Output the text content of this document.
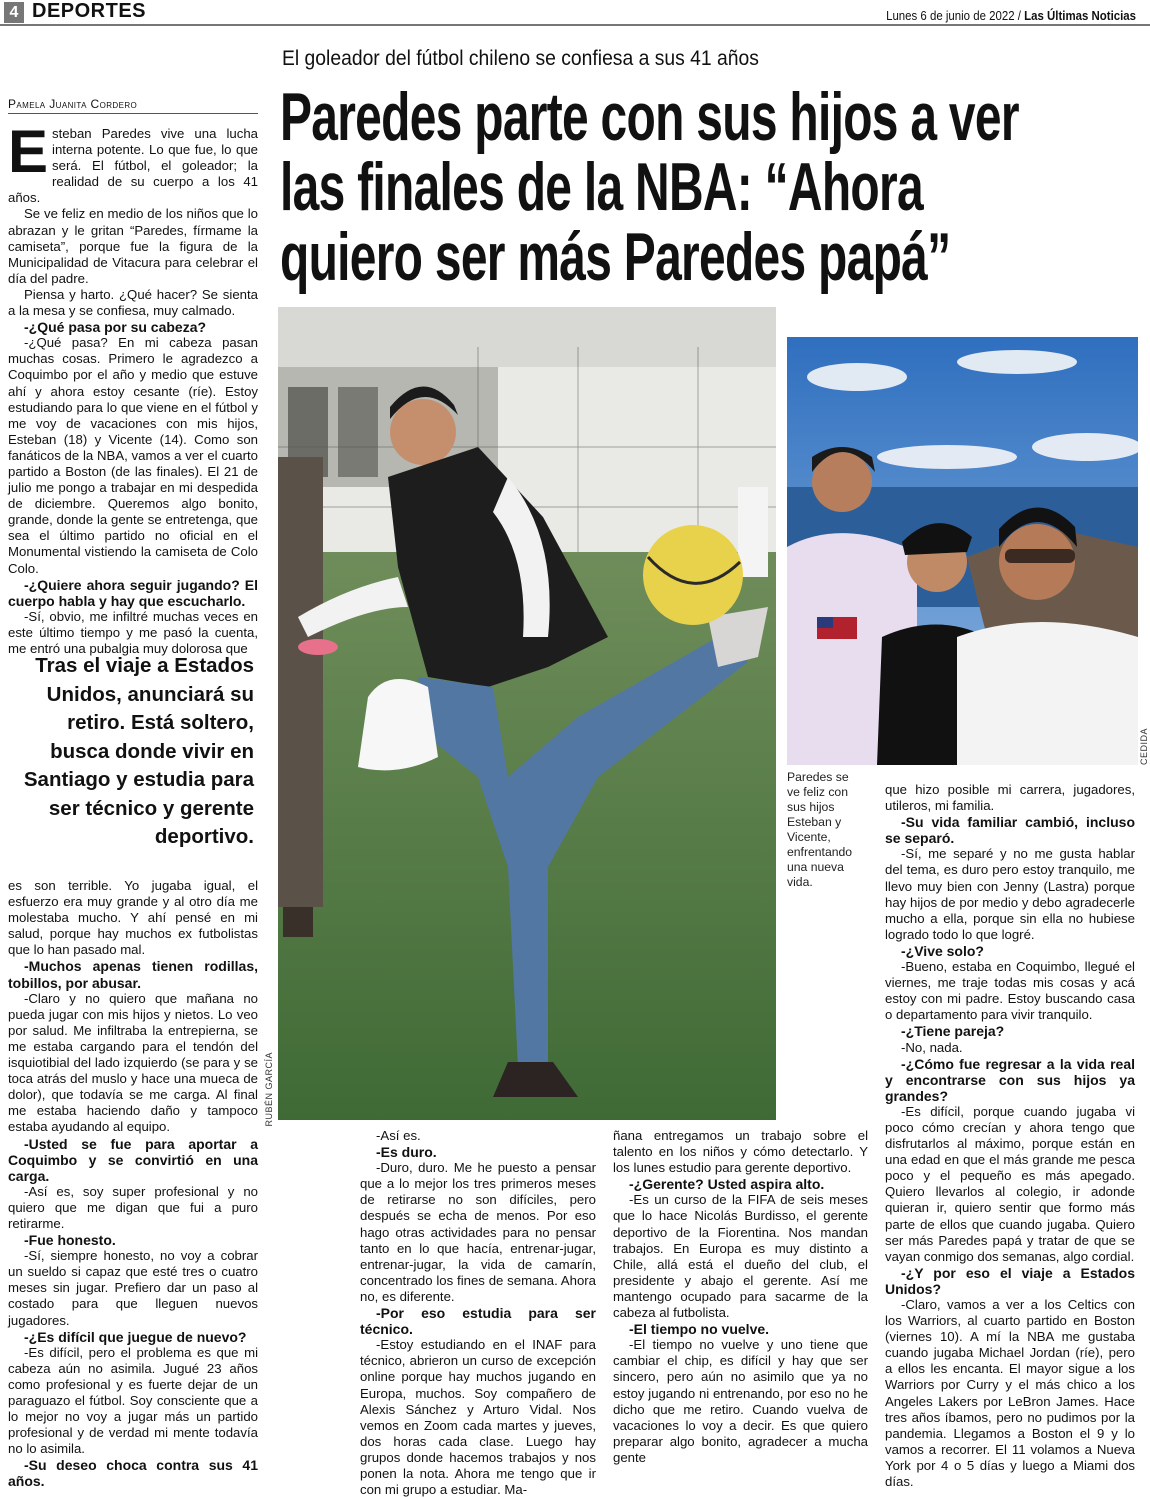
4 DEPORTES	Lunes 6 de junio de 2022 / Las Últimas Noticias
El goleador del fútbol chileno se confiesa a sus 41 años
Paredes parte con sus hijos a ver
las finales de la NBA: “Ahora
quiero ser más Paredes papá”
Pamela Juanita Cordero

Esteban Paredes vive una lucha interna potente. Lo que fue, lo que será. El fútbol, el goleador; la realidad de su cuerpo a los 41 años.

Se ve feliz en medio de los niños que lo abrazan y le gritan “Paredes, fírmame la camiseta”, porque fue la figura de la Municipalidad de Vitacura para celebrar el día del padre.

Piensa y harto. ¿Qué hacer? Se sienta a la mesa y se confiesa, muy calmado.

-¿Qué pasa por su cabeza?

-¿Qué pasa? En mi cabeza pasan muchas cosas. Primero le agradezco a Coquimbo por el año y medio que estuve ahí y ahora estoy cesante (ríe). Estoy estudiando para lo que viene en el fútbol y me voy de vacaciones con mis hijos, Esteban (18) y Vicente (14). Como son fanáticos de la NBA, vamos a ver el cuarto partido a Boston (de las finales). El 21 de julio me pongo a trabajar en mi despedida de diciembre. Queremos algo bonito, grande, donde la gente se entretenga, que sea el último partido no oficial en el Monumental vistiendo la camiseta de Colo Colo.

-¿Quiere ahora seguir jugando? El cuerpo habla y hay que escucharlo.

-Sí, obvio, me infiltré muchas veces en este último tiempo y me pasó la cuenta, me entró una pubalgia muy dolorosa que

Tras el viaje a Estados Unidos, anunciará su retiro. Está soltero, busca donde vivir en Santiago y estudia para ser técnico y gerente deportivo.

es son terrible. Yo jugaba igual, el esfuerzo era muy grande y al otro día me molestaba mucho. Y ahí pensé en mi salud, porque hay muchos ex futbolistas que lo han pasado mal.

-Muchos apenas tienen rodillas, tobillos, por abusar.

-Claro y no quiero que mañana no pueda jugar con mis hijos y nietos. Lo veo por salud. Me infiltraba la entrepierna, se me estaba cargando para el tendón del isquiotibial del lado izquierdo (se para y se toca atrás del muslo y hace una mueca de dolor), que todavía se me carga. Al final me estaba haciendo daño y tampoco estaba ayudando al equipo.

-Usted se fue para aportar a Coquimbo y se convirtió en una carga.

-Así es, soy super profesional y no quiero que me digan que fui a puro retirarme.

-Fue honesto.

-Sí, siempre honesto, no voy a cobrar un sueldo si capaz que esté tres o cuatro meses sin jugar. Prefiero dar un paso al costado para que lleguen nuevos jugadores.

-¿Es difícil que juegue de nuevo?

-Es difícil, pero el problema es que mi cabeza aún no asimila. Jugué 23 años como profesional y es fuerte dejar de un paraguazo el fútbol. Soy consciente que a lo mejor no voy a jugar más un partido profesional y de verdad mi mente todavía no lo asimila.

-Su deseo choca contra sus 41 años.

-Así es.

-Es duro.

-Duro, duro. Me he puesto a pensar que a lo mejor los tres primeros meses de retirarse no son difíciles, pero después se echa de menos. Por eso hago otras actividades para no pensar tanto en lo que hacía, entrenar-jugar, entrenar-jugar, la vida de camarín, concentrado los fines de semana. Ahora no, es diferente.

-Por eso estudia para ser técnico.

-Estoy estudiando en el INAF para técnico, abrieron un curso de excepción online porque hay muchos jugando en Europa, muchos. Soy compañero de Alexis Sánchez y Arturo Vidal. Nos vemos en Zoom cada martes y jueves, dos horas cada clase. Luego hay grupos donde hacemos trabajos y nos ponen la nota. Ahora me tengo que ir con mi grupo a estudiar. Ma-

ñana entregamos un trabajo sobre el talento en los niños y cómo detectarlo. Y los lunes estudio para gerente deportivo.

-¿Gerente? Usted aspira alto.

-Es un curso de la FIFA de seis meses que lo hace Nicolás Burdisso, el gerente deportivo de la Fiorentina. Nos mandan trabajos. En Europa es muy distinto a Chile, allá está el dueño del club, el presidente y abajo el gerente. Así me mantengo ocupado para sacarme de la cabeza al futbolista.

-El tiempo no vuelve.

-El tiempo no vuelve y uno tiene que cambiar el chip, es difícil y hay que ser sincero, pero aún no asimilo que ya no estoy jugando ni entrenando, por eso no he dicho que me retiro. Cuando vuelva de vacaciones lo voy a decir. Es que quiero preparar algo bonito, agradecer a mucha gente

que hizo posible mi carrera, jugadores, utileros, mi familia.

-Su vida familiar cambió, incluso se separó.

-Sí, me separé y no me gusta hablar del tema, es duro pero estoy tranquilo, me llevo muy bien con Jenny (Lastra) porque hay hijos de por medio y debo agradecerle mucho a ella, porque sin ella no hubiese logrado todo lo que logré.

-¿Vive solo?

-Bueno, estaba en Coquimbo, llegué el viernes, me traje todas mis cosas y acá estoy con mi padre. Estoy buscando casa o departamento para vivir tranquilo.

-¿Tiene pareja?

-No, nada.

-¿Cómo fue regresar a la vida real y encontrarse con sus hijos ya grandes?

-Es difícil, porque cuando jugaba vi poco cómo crecían y ahora tengo que disfrutarlos al máximo, porque están en una edad en que el más grande me pesca poco y el pequeño es más apegado. Quiero llevarlos al colegio, ir adonde quieran ir, quiero sentir que formo más parte de ellos que cuando jugaba. Quiero ser más Paredes papá y tratar de que se vayan conmigo dos semanas, algo cordial.

-¿Y por eso el viaje a Estados Unidos?

-Claro, vamos a ver a los Celtics con los Warriors, al cuarto partido en Boston (viernes 10). A mí la NBA me gustaba cuando jugaba Michael Jordan (ríe), pero a ellos les encanta. El mayor sigue a los Warriors por Curry y el más chico a los Angeles Lakers por LeBron James. Hace tres años íbamos, pero no pudimos por la pandemia. Llegamos a Boston el 9 y lo vamos a recorrer. El 11 volamos a Nueva York por 4 o 5 días y luego a Miami dos días.

RUBÉN GARCÍA
CEDIDA
Paredes se ve feliz con sus hijos Esteban y Vicente, enfrentando una nueva vida.
